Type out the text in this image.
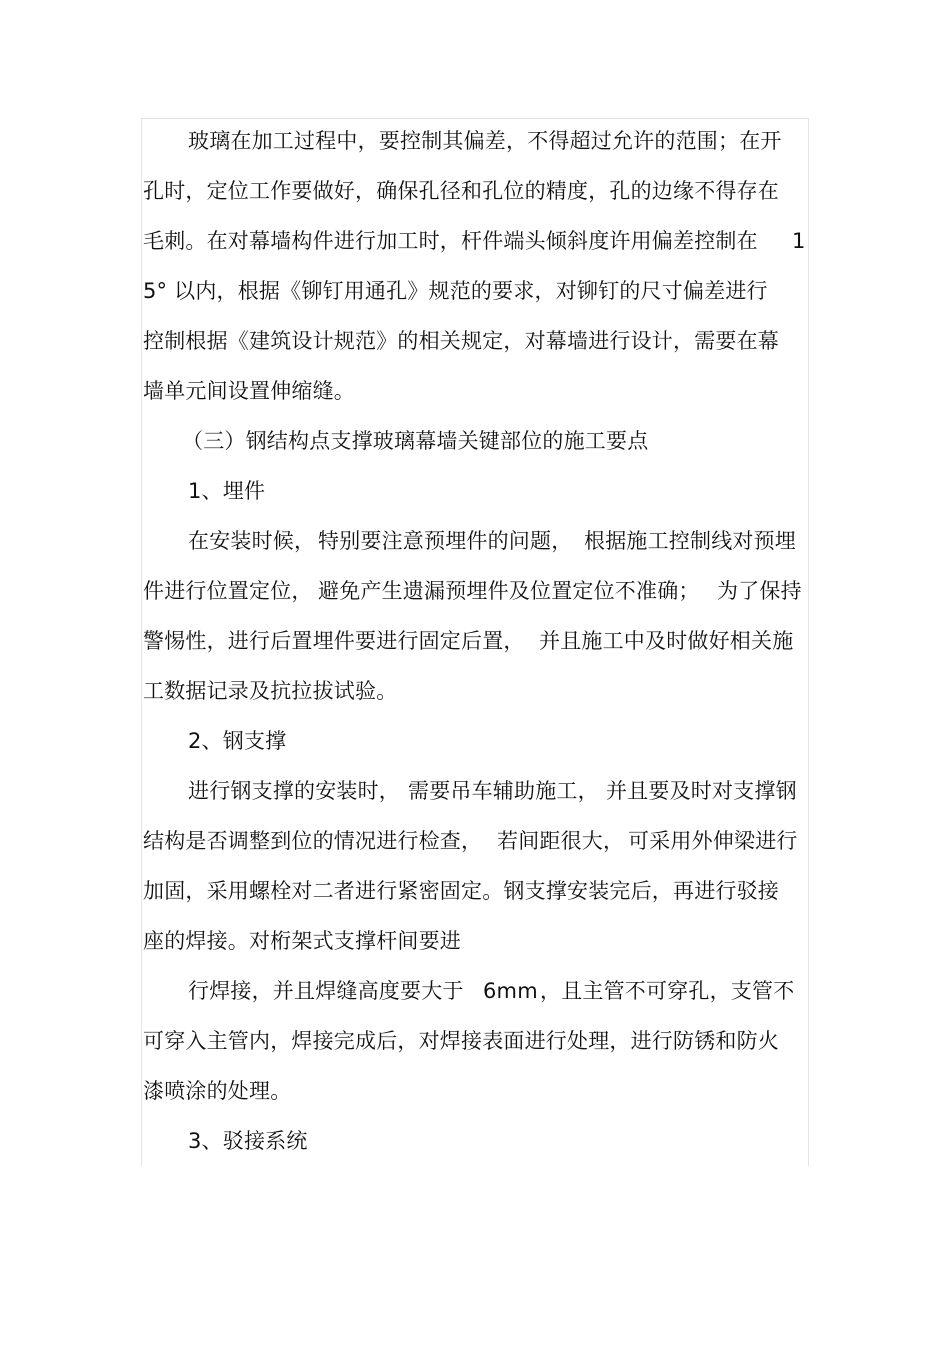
玻璃在加工过程中，要控制其偏差，不得超过允许的范围；在开
孔时，定位工作要做好，确保孔径和孔位的精度，孔的边缘不得存在
毛刺。在对幕墙构件进行加工时，杆件端头倾斜度许用偏差控制在 1
5° 以内，根据《铆钉用通孔》规范的要求，对铆钉的尺寸偏差进行
控制根据《建筑设计规范》的相关规定，对幕墙进行设计，需要在幕
墙单元间设置伸缩缝。
（三）钢结构点支撑玻璃幕墙关键部位的施工要点
1、埋件
在安装时候， 特别要注意预埋件的问题， 根据施工控制线对预埋
件进行位置定位， 避免产生遗漏预埋件及位置定位不准确； 为了保持
警惕性，进行后置埋件要进行固定后置， 并且施工中及时做好相关施
工数据记录及抗拉拔试验。
2、钢支撑
进行钢支撑的安装时， 需要吊车辅助施工， 并且要及时对支撑钢
结构是否调整到位的情况进行检查， 若间距很大， 可采用外伸梁进行
加固，采用螺栓对二者进行紧密固定。钢支撑安装完后，再进行驳接
座的焊接。对桁架式支撑杆间要进
行焊接，并且焊缝高度要大于 6mm ，且主管不可穿孔，支管不
可穿入主管内，焊接完成后，对焊接表面进行处理，进行防锈和防火
漆喷涂的处理。
3、驳接系统
